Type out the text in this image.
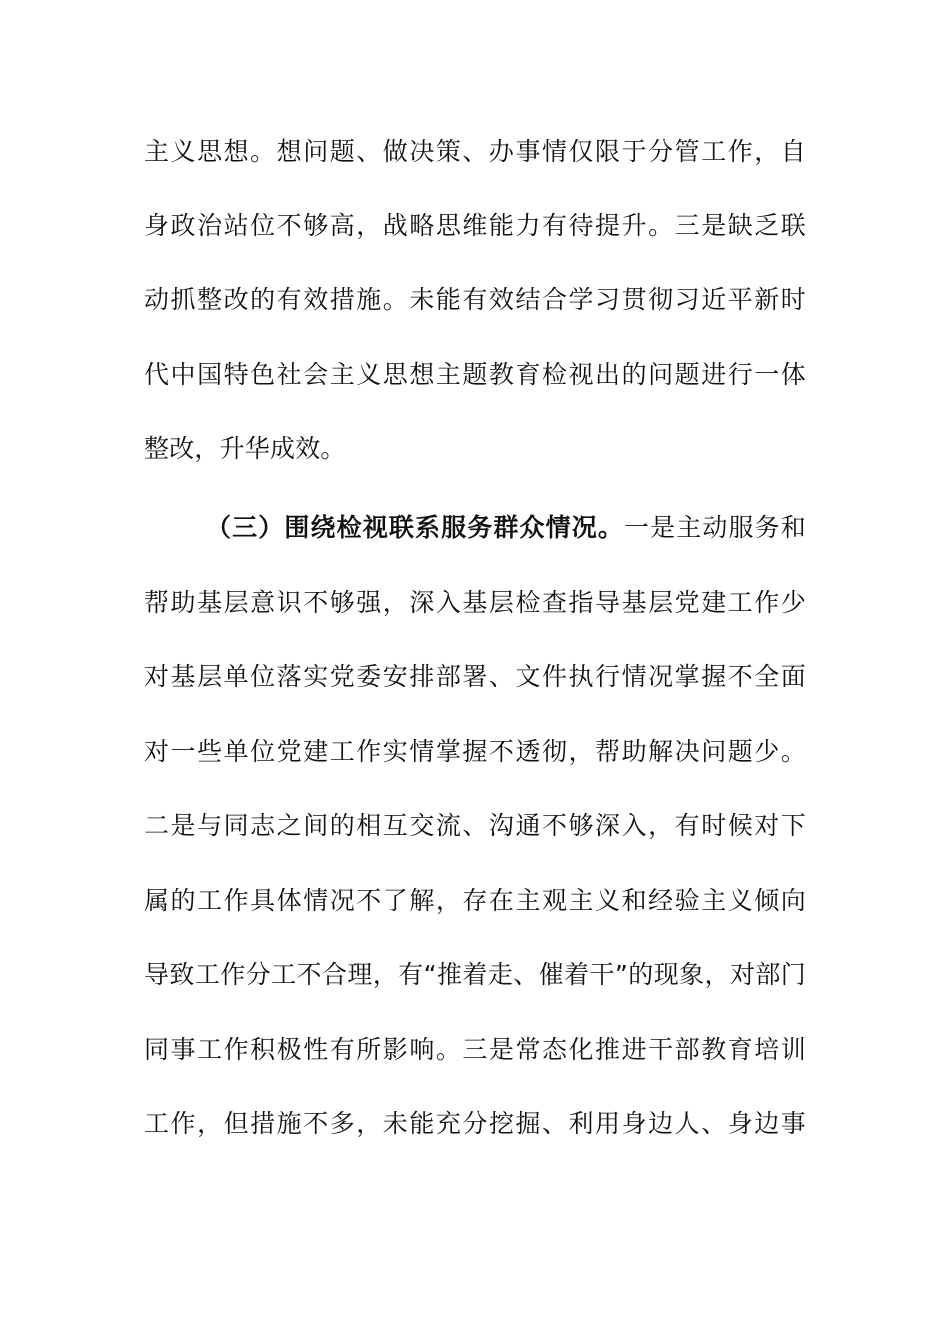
主义思想。想问题、做决策、办事情仅限于分管工作，自
身政治站位不够高，战略思维能力有待提升。三是缺乏联
动抓整改的有效措施。未能有效结合学习贯彻习近平新时
代中国特色社会主义思想主题教育检视出的问题进行一体
整改，升华成效。
（三）围绕检视联系服务群众情况。一是主动服务和
帮助基层意识不够强，深入基层检查指导基层党建工作少
对基层单位落实党委安排部署、文件执行情况掌握不全面
对一些单位党建工作实情掌握不透彻，帮助解决问题少。
二是与同志之间的相互交流、沟通不够深入，有时候对下
属的工作具体情况不了解，存在主观主义和经验主义倾向
导致工作分工不合理，有“推着走、催着干”的现象，对部门
同事工作积极性有所影响。三是常态化推进干部教育培训
工作，但措施不多，未能充分挖掘、利用身边人、身边事
